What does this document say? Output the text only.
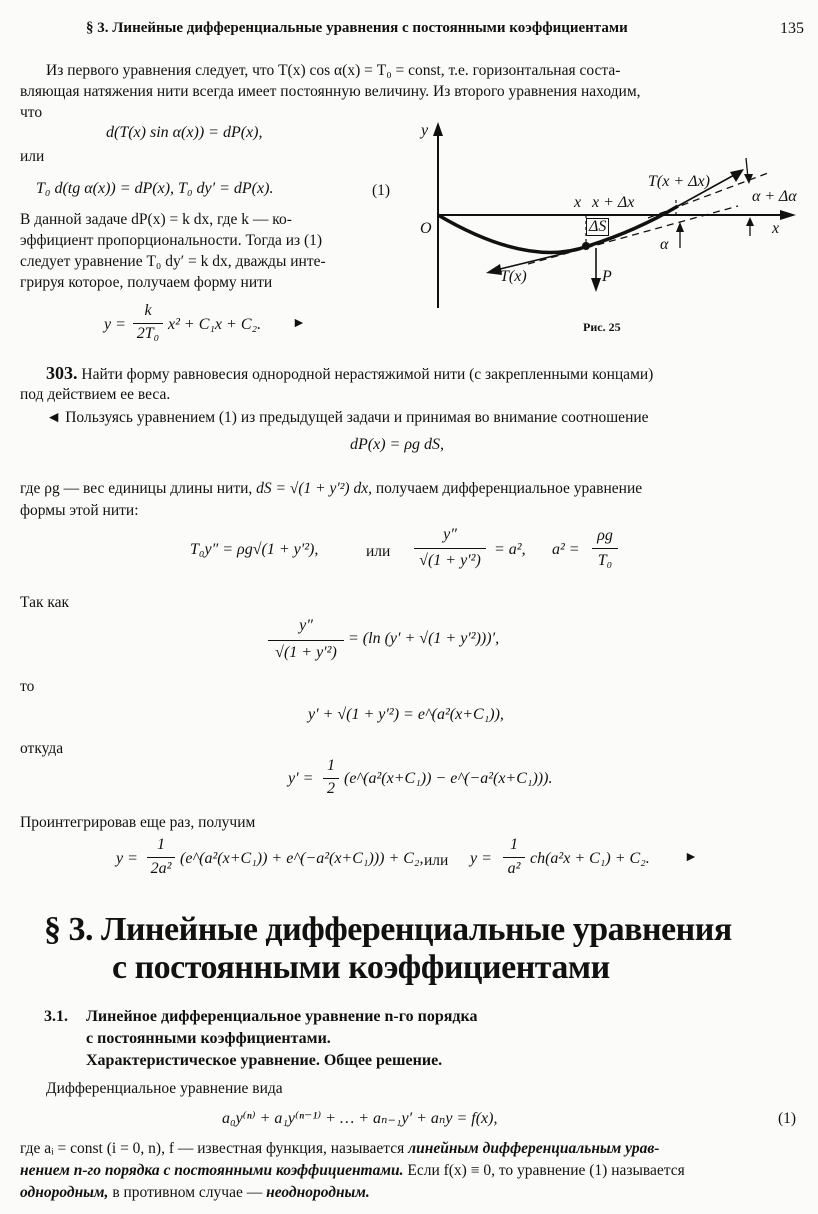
§ 3. Линейные дифференциальные уравнения с постоянными коэффициентами	135
Из первого уравнения следует, что T(x) cos α(x) = T₀ = const, т.е. горизонтальная соста-
вляющая натяжения нити всегда имеет постоянную величину. Из второго уравнения находим,
что
d(T(x) sin α(x)) = dP(x),
или
T₀ d(tg α(x)) = dP(x), T₀ dy′ = dP(x).	(1)
В данной задаче dP(x) = k dx, где k — ко-
эффициент пропорциональности. Тогда из (1)
следует уравнение T₀ dy′ = k dx, дважды инте-
грируя которое, получаем форму нити
y =
k
2T₀
x² + C₁x + C₂. ►
y
O	x
x x + Δx
ΔS
T(x)
T(x + Δx)
P
α
α + Δα
Рис. 25
303. Найти форму равновесия однородной нерастяжимой нити (с закрепленными концами)
под действием ее веса.
◄ Пользуясь уравнением (1) из предыдущей задачи и принимая во внимание соотношение
dP(x) = ρg dS,
где ρg — вес единицы длины нити, dS = √(1 + y′²) dx, получаем дифференциальное уравнение
формы этой нити:
T₀y″ = ρg√(1 + y′²),	или
y″
√(1 + y′²)
= a², a² =
ρg
T₀
Так как
y″
√(1 + y′²)
= (ln (y′ + √(1 + y′²)))′,
то
y′ + √(1 + y′²) = e^(a²(x+C₁)),
откуда
y′ =
1
2
(e^(a²(x+C₁)) − e^(−a²(x+C₁))).
Проинтегрировав еще раз, получим
y =
1
2a²
(e^(a²(x+C₁)) + e^(−a²(x+C₁))) + C₂, или y =
1
a²
ch(a²x + C₁) + C₂. ►
§ 3. Линейные дифференциальные уравнения
с постоянными коэффициентами
3.1. Линейное дифференциальное уравнение n-го порядка
с постоянными коэффициентами.
Характеристическое уравнение. Общее решение.
Дифференциальное уравнение вида
a₀y⁽ⁿ⁾ + a₁y⁽ⁿ⁻¹⁾ + … + aₙ₋₁y′ + aₙy = f(x),	(1)
где aᵢ = const (i = 0, n), f — известная функция, называется линейным дифференциальным урав-
нением n-го порядка с постоянными коэффициентами. Если f(x) ≡ 0, то уравнение (1) называется
однородным, в противном случае — неоднородным.
